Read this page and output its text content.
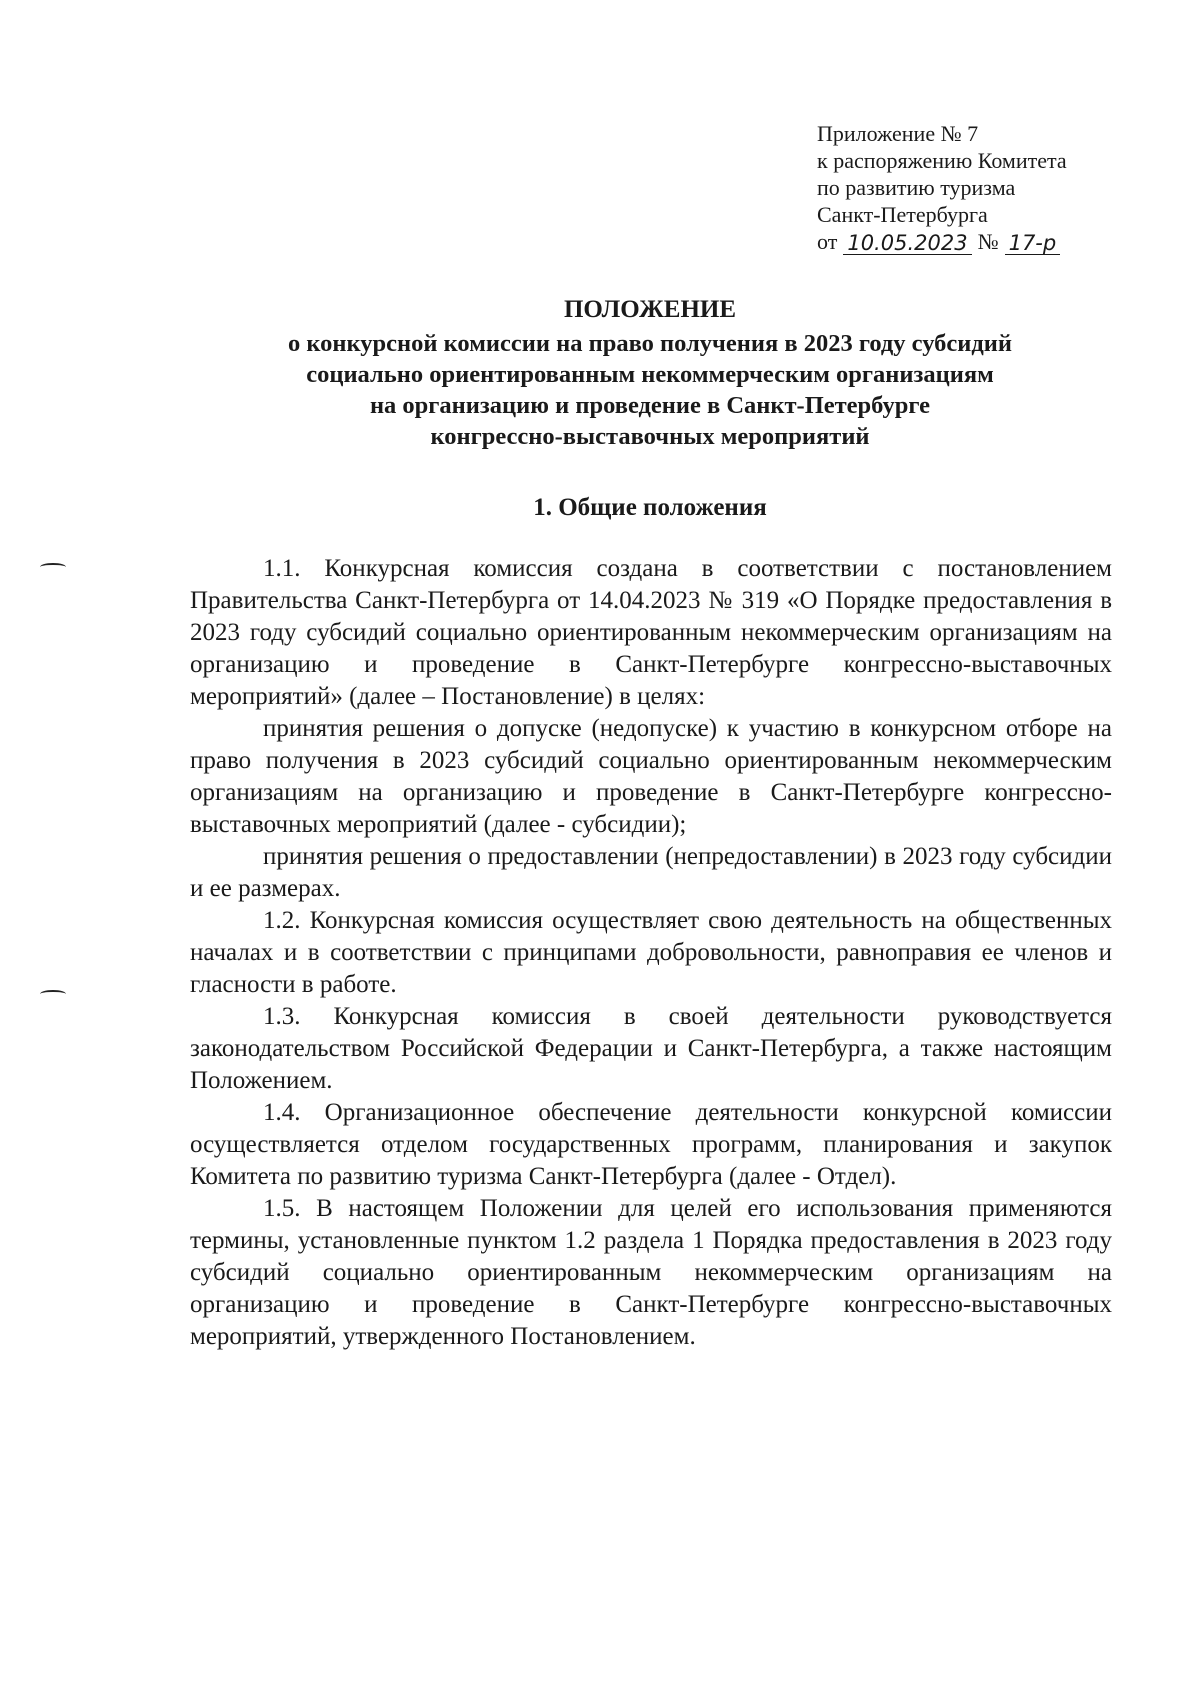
Приложение № 7
к распоряжению Комитета
по развитию туризма
Санкт-Петербурга
от 10.05.2023 № 17-р
ПОЛОЖЕНИЕ
о конкурсной комиссии на право получения в 2023 году субсидий
социально ориентированным некоммерческим организациям
на организацию и проведение в Санкт-Петербурге
конгрессно-выставочных мероприятий
1. Общие положения

1.1. Конкурсная комиссия создана в соответствии с постановлением Правительства Санкт-Петербурга от 14.04.2023 № 319 «О Порядке предоставления в 2023 году субсидий социально ориентированным некоммерческим организациям на организацию и проведение в Санкт-Петербурге конгрессно-выставочных мероприятий» (далее – Постановление) в целях:

принятия решения о допуске (недопуске) к участию в конкурсном отборе на право получения в 2023 субсидий социально ориентированным некоммерческим организациям на организацию и проведение в Санкт-Петербурге конгрессно-выставочных мероприятий (далее - субсидии);

принятия решения о предоставлении (непредоставлении) в 2023 году субсидии и ее размерах.

1.2. Конкурсная комиссия осуществляет свою деятельность на общественных началах и в соответствии с принципами добровольности, равноправия ее членов и гласности в работе.

1.3. Конкурсная комиссия в своей деятельности руководствуется законодательством Российской Федерации и Санкт-Петербурга, а также настоящим Положением.

1.4. Организационное обеспечение деятельности конкурсной комиссии осуществляется отделом государственных программ, планирования и закупок Комитета по развитию туризма Санкт-Петербурга (далее - Отдел).

1.5. В настоящем Положении для целей его использования применяются термины, установленные пунктом 1.2 раздела 1 Порядка предоставления в 2023 году субсидий социально ориентированным некоммерческим организациям на организацию и проведение в Санкт-Петербурге конгрессно-выставочных мероприятий, утвержденного Постановлением.
